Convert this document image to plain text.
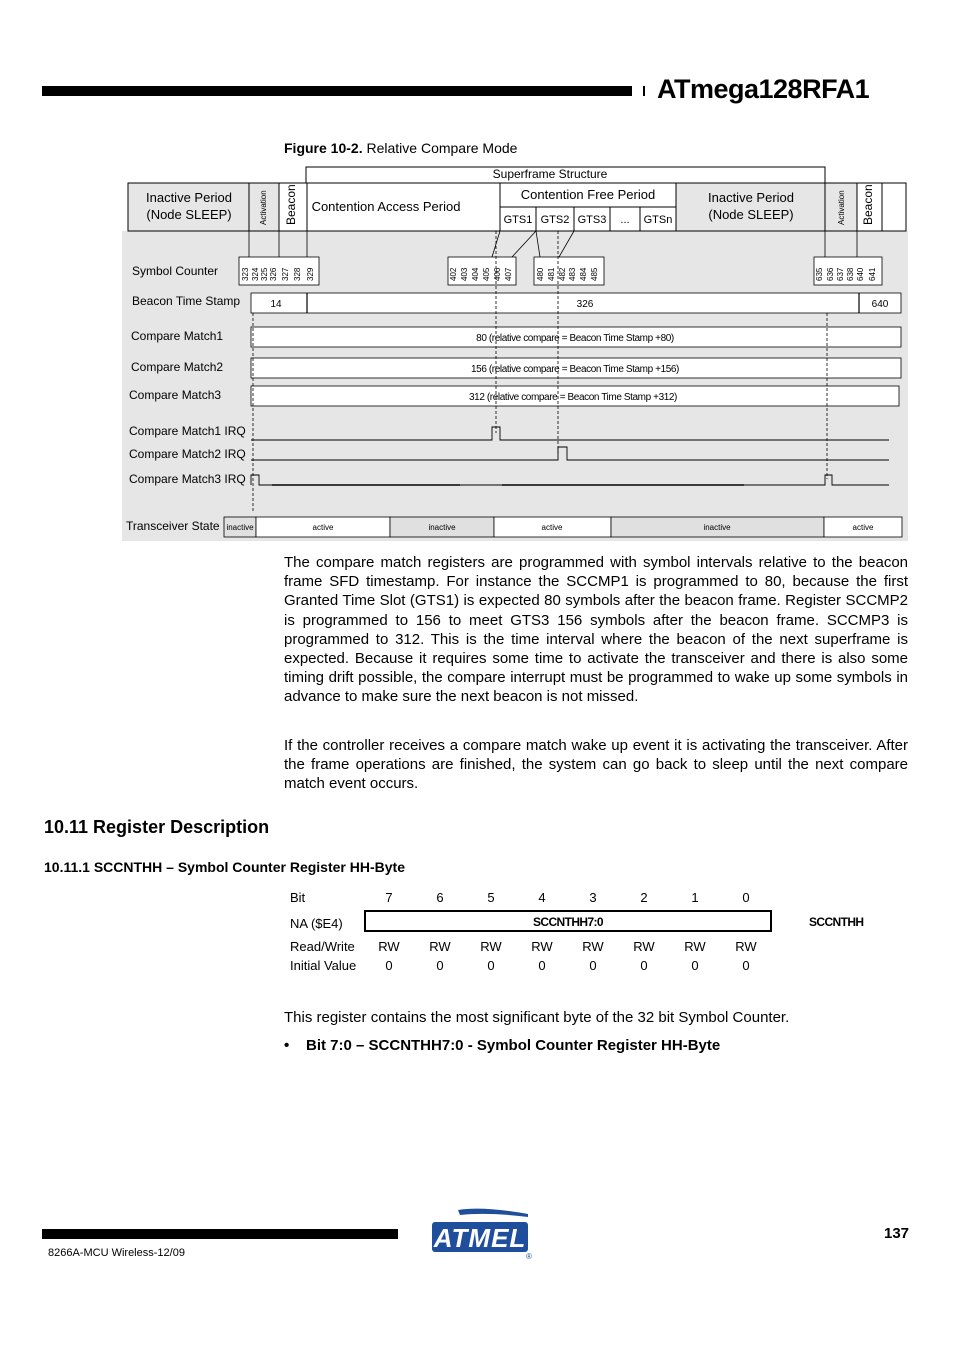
ATmega128RFA1
Figure 10-2. Relative Compare Mode
Superframe Structure
Inactive Period
(Node SLEEP)	Activation Beacon Contention Access Period
Contention Free Period
GTS1 GTS2 GTS3 ... GTSn
Inactive Period
(Node SLEEP)	Activation Beacon
323 324 325 326 327 328 329	402 403 404 405 406 407	480 481 482 483 484 485	635 636 637 638 640 641
Symbol Counter
Beacon Time Stamp
Compare Match1
Compare Match2
Compare Match3
Compare Match1 IRQ
Compare Match2 IRQ
Compare Match3 IRQ
Transceiver State
14	326	640
80 (relative compare = Beacon Time Stamp +80)
156 (relative compare = Beacon Time Stamp +156)
312 (relative compare = Beacon Time Stamp +312)
inactive	active	inactive	active	inactive	active
The compare match registers are programmed with symbol intervals relative to the beacon frame SFD timestamp. For instance the SCCMP1 is programmed to 80, because the first Granted Time Slot (GTS1) is expected 80 symbols after the beacon frame. Register SCCMP2 is programmed to 156 to meet GTS3 156 symbols after the beacon frame. SCCMP3 is programmed to 312. This is the time interval where the beacon of the next superframe is expected. Because it requires some time to activate the transceiver and there is also some timing drift possible, the compare interrupt must be programmed to wake up some symbols in advance to make sure the next beacon is not missed.
If the controller receives a compare match wake up event it is activating the transceiver. After the frame operations are finished, the system can go back to sleep until the next compare match event occurs.
10.11 Register Description
10.11.1 SCCNTHH – Symbol Counter Register HH-Byte
Bit	7	6	5	4	3	2	1	0
NA ($E4)	SCCNTHH7:0	SCCNTHH
Read/Write	RW	RW	RW	RW	RW	RW	RW	RW
Initial Value	0	0	0	0	0	0	0	0
This register contains the most significant byte of the 32 bit Symbol Counter.
• Bit 7:0 – SCCNTHH7:0 - Symbol Counter Register HH-Byte
8266A-MCU Wireless-12/09
137
ATMEL
®
